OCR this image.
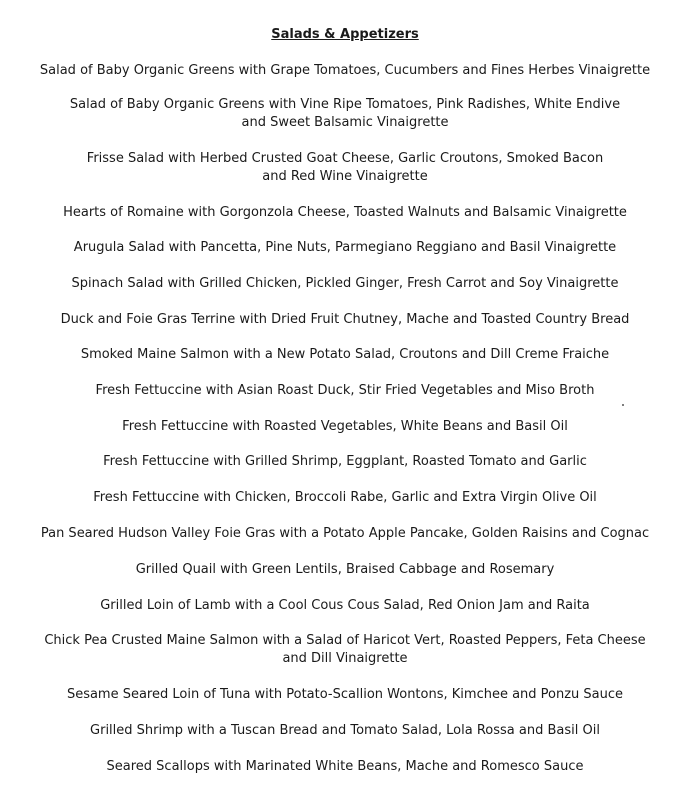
Salads & Appetizers
Salad of Baby Organic Greens with Grape Tomatoes, Cucumbers and Fines Herbes Vinaigrette
Salad of Baby Organic Greens with Vine Ripe Tomatoes, Pink Radishes, White Endive
and Sweet Balsamic Vinaigrette
Frisse Salad with Herbed Crusted Goat Cheese, Garlic Croutons, Smoked Bacon
and Red Wine Vinaigrette
Hearts of Romaine with Gorgonzola Cheese, Toasted Walnuts and Balsamic Vinaigrette
Arugula Salad with Pancetta, Pine Nuts, Parmegiano Reggiano and Basil Vinaigrette
Spinach Salad with Grilled Chicken, Pickled Ginger, Fresh Carrot and Soy Vinaigrette
Duck and Foie Gras Terrine with Dried Fruit Chutney, Mache and Toasted Country Bread
Smoked Maine Salmon with a New Potato Salad, Croutons and Dill Creme Fraiche
Fresh Fettuccine with Asian Roast Duck, Stir Fried Vegetables and Miso Broth
Fresh Fettuccine with Roasted Vegetables, White Beans and Basil Oil
Fresh Fettuccine with Grilled Shrimp, Eggplant, Roasted Tomato and Garlic
Fresh Fettuccine with Chicken, Broccoli Rabe, Garlic and Extra Virgin Olive Oil
Pan Seared Hudson Valley Foie Gras with a Potato Apple Pancake, Golden Raisins and Cognac
Grilled Quail with Green Lentils, Braised Cabbage and Rosemary
Grilled Loin of Lamb with a Cool Cous Cous Salad, Red Onion Jam and Raita
Chick Pea Crusted Maine Salmon with a Salad of Haricot Vert, Roasted Peppers, Feta Cheese
and Dill Vinaigrette
Sesame Seared Loin of Tuna with Potato-Scallion Wontons, Kimchee and Ponzu Sauce
Grilled Shrimp with a Tuscan Bread and Tomato Salad, Lola Rossa and Basil Oil
Seared Scallops with Marinated White Beans, Mache and Romesco Sauce
